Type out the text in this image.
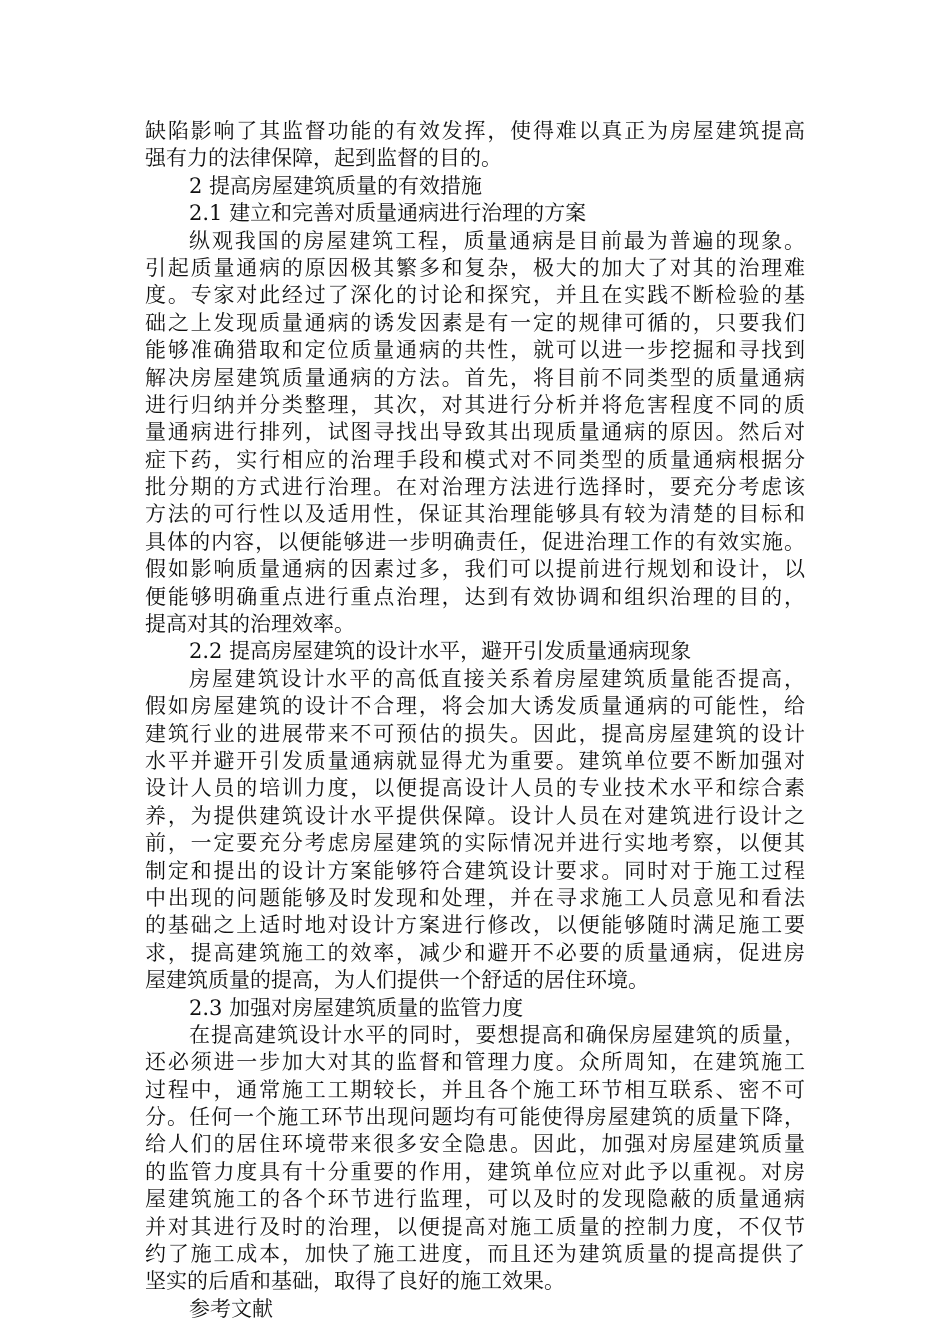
缺陷影响了其监督功能的有效发挥，使得难以真正为房屋建筑提高
强有力的法律保障，起到监督的目的。
2 提高房屋建筑质量的有效措施
2.1 建立和完善对质量通病进行治理的方案
纵观我国的房屋建筑工程，质量通病是目前最为普遍的现象。
引起质量通病的原因极其繁多和复杂，极大的加大了对其的治理难
度。专家对此经过了深化的讨论和探究，并且在实践不断检验的基
础之上发现质量通病的诱发因素是有一定的规律可循的，只要我们
能够准确猎取和定位质量通病的共性，就可以进一步挖掘和寻找到
解决房屋建筑质量通病的方法。首先，将目前不同类型的质量通病
进行归纳并分类整理，其次，对其进行分析并将危害程度不同的质
量通病进行排列，试图寻找出导致其出现质量通病的原因。然后对
症下药，实行相应的治理手段和模式对不同类型的质量通病根据分
批分期的方式进行治理。在对治理方法进行选择时，要充分考虑该
方法的可行性以及适用性，保证其治理能够具有较为清楚的目标和
具体的内容，以便能够进一步明确责任，促进治理工作的有效实施。
假如影响质量通病的因素过多，我们可以提前进行规划和设计，以
便能够明确重点进行重点治理，达到有效协调和组织治理的目的，
提高对其的治理效率。
2.2 提高房屋建筑的设计水平，避开引发质量通病现象
房屋建筑设计水平的高低直接关系着房屋建筑质量能否提高，
假如房屋建筑的设计不合理，将会加大诱发质量通病的可能性，给
建筑行业的进展带来不可预估的损失。因此，提高房屋建筑的设计
水平并避开引发质量通病就显得尤为重要。建筑单位要不断加强对
设计人员的培训力度，以便提高设计人员的专业技术水平和综合素
养，为提供建筑设计水平提供保障。设计人员在对建筑进行设计之
前，一定要充分考虑房屋建筑的实际情况并进行实地考察，以便其
制定和提出的设计方案能够符合建筑设计要求。同时对于施工过程
中出现的问题能够及时发现和处理，并在寻求施工人员意见和看法
的基础之上适时地对设计方案进行修改，以便能够随时满足施工要
求，提高建筑施工的效率，减少和避开不必要的质量通病，促进房
屋建筑质量的提高，为人们提供一个舒适的居住环境。
2.3 加强对房屋建筑质量的监管力度
在提高建筑设计水平的同时，要想提高和确保房屋建筑的质量，
还必须进一步加大对其的监督和管理力度。众所周知，在建筑施工
过程中，通常施工工期较长，并且各个施工环节相互联系、密不可
分。任何一个施工环节出现问题均有可能使得房屋建筑的质量下降，
给人们的居住环境带来很多安全隐患。因此，加强对房屋建筑质量
的监管力度具有十分重要的作用，建筑单位应对此予以重视。对房
屋建筑施工的各个环节进行监理，可以及时的发现隐蔽的质量通病
并对其进行及时的治理，以便提高对施工质量的控制力度，不仅节
约了施工成本，加快了施工进度，而且还为建筑质量的提高提供了
坚实的后盾和基础，取得了良好的施工效果。
参考文献
